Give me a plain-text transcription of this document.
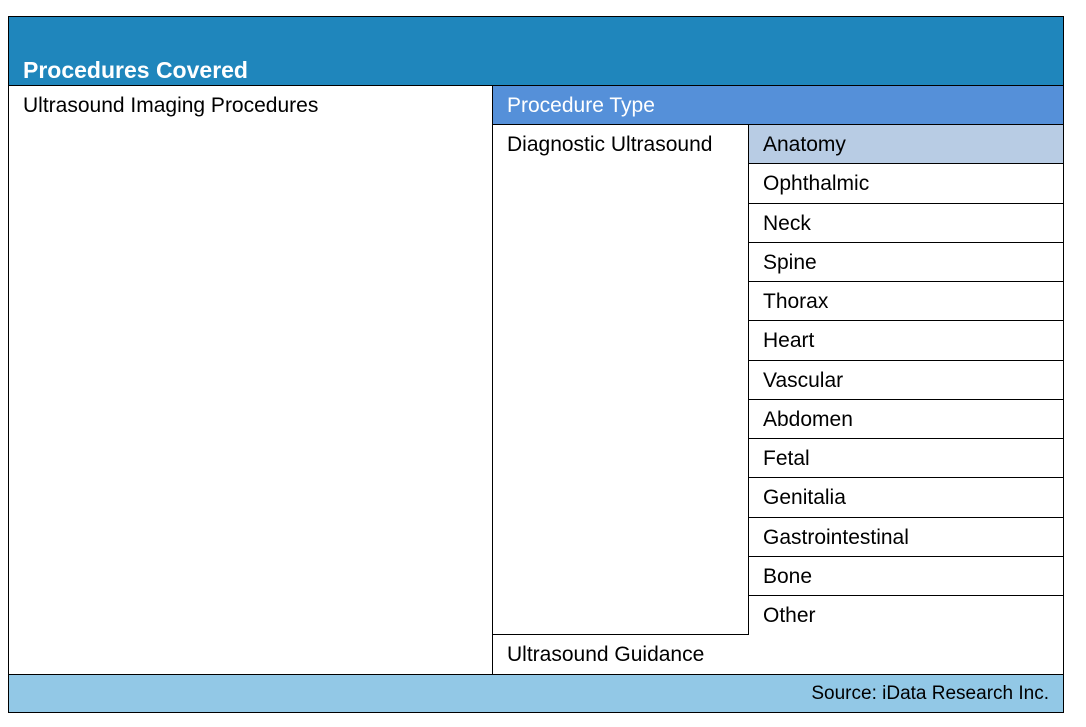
Procedures Covered
Ultrasound Imaging Procedures	Procedure Type
Diagnostic Ultrasound	Anatomy
Ophthalmic
Neck
Spine
Thorax
Heart
Vascular
Abdomen
Fetal
Genitalia
Gastrointestinal
Bone
Other
Ultrasound Guidance
Source: iData Research Inc.
